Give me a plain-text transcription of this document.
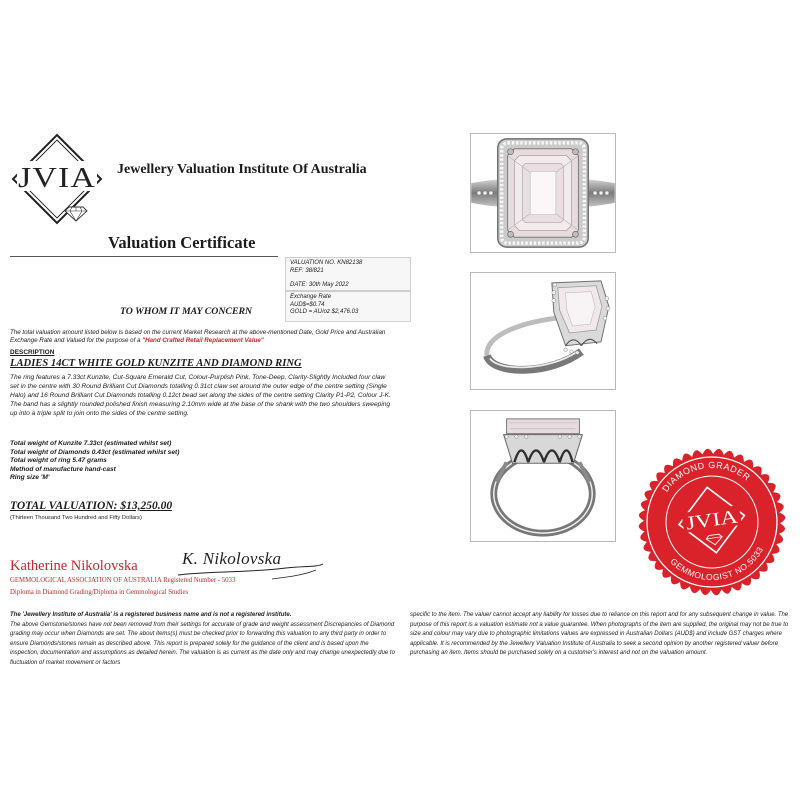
JVIA Jewellery Valuation Institute Of Australia
Valuation Certificate
VALUATION NO. KN82138
REF: 38/821
DATE: 30th May 2022
Exchange Rate
AUD$=$0.74
GOLD = AU/oz $2,476.03
TO WHOM IT MAY CONCERN

The total valuation amount listed below is based on the current Market Research at the above-mentioned Date, Gold Price and Australian Exchange Rate and Valued for the purpose of a "Hand Crafted Retail Replacement Value"

DESCRIPTION
LADIES 14CT WHITE GOLD KUNZITE AND DIAMOND RING

The ring features a 7.33ct Kunzite, Cut-Square Emerald Cut, Colour-Purplish Pink, Tone-Deep, Clarity-Slightly Included four claw set in the centre with 30 Round Brilliant Cut Diamonds totalling 0.31ct claw set around the outer edge of the centre setting (Single Halo) and 16 Round Brilliant Cut Diamonds totalling 0.12ct bead set along the sides of the centre setting Clarity P1-P2, Colour J-K.

The band has a slightly rounded polished finish measuring 2.10mm wide at the base of the shank with the two shoulders sweeping up into a triple split to join onto the sides of the centre setting.

Total weight of Kunzite 7.33ct (estimated whilst set)
Total weight of Diamonds 0.43ct (estimated whilst set)
Total weight of ring 5.47 grams
Method of manufacture hand-cast
Ring size 'M'
TOTAL VALUATION: $13,250.00
(Thirteen Thousand Two Hundred and Fifty Dollars)
Katherine Nikolovska	K. Nikolovska
GEMMOLOGICAL ASSOCIATION OF AUSTRALIA Registered Number - 5033
Diploma in Diamond Grading/Diploma in Gemmological Studies

The 'Jewellery Institute of Australia' is a registered business name and is not a registered institute.

The above Gemstone/stones have not been removed from their settings for accurate of grade and weight assessment Discrepancies of Diamond grading may occur when Diamonds are set. The about items(s) must be checked prior to forwarding this valuation to any third party in order to ensure Diamonds/stones remain as described above. This report is prepared solely for the guidance of the client and is based upon the inspection, documentation and assumptions as detailed herein. The valuation is as current as the date only and may change unexpectedly due to fluctuation of market movement or factors

specific to the item. The valuer cannot accept any liability for losses due to reliance on this report and for any subsequent change in value. The purpose of this report is a valuation estimate not a value guarantee. When photographs of the item are supplied, the original may not be true to size and colour may vary due to photographic limitations values are expressed in Australian Dollars (AUD$) and include GST charges where applicable. It is recommended by the Jewellery Valuation Institute of Australia to seek a second opinion by another registered valuer before purchasing an item. Items should be purchased solely on a customer's interest and not on the valuation amount.

DIAMOND GRADER
GEMMOLOGIST NO.5033
JVIA
